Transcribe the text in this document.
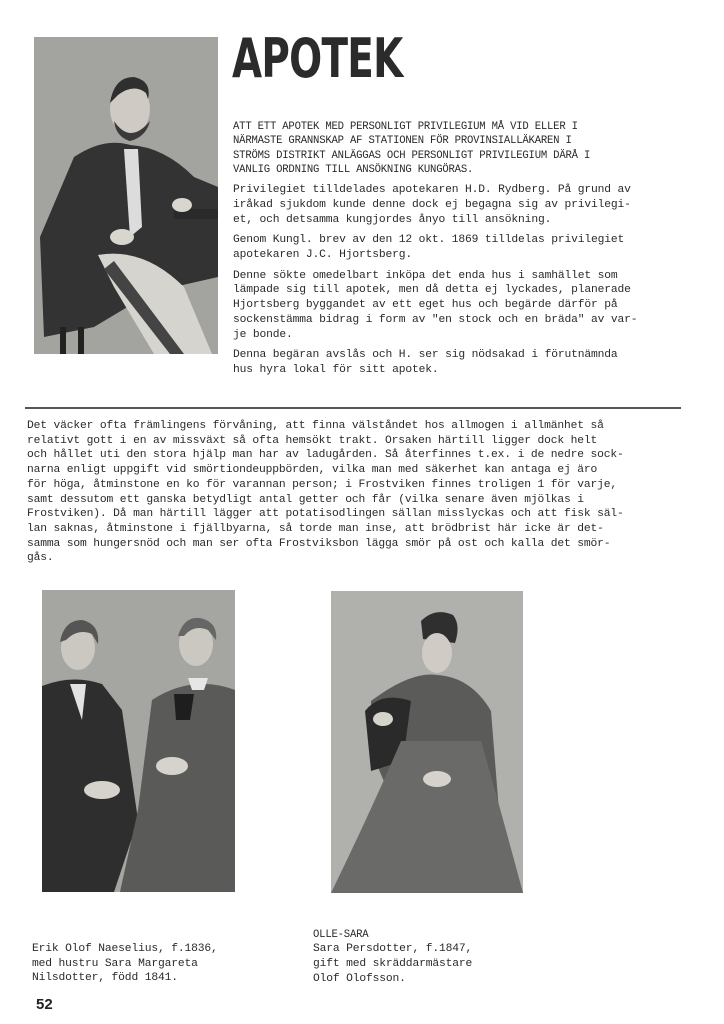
APOTEK
ATT ETT APOTEK MED PERSONLIGT PRIVILEGIUM MÅ VID ELLER I
NÄRMASTE GRANNSKAP AF STATIONEN FÖR PROVINSIALLÄKAREN I
STRÖMS DISTRIKT ANLÄGGAS OCH PERSONLIGT PRIVILEGIUM DÄRÅ I
VANLIG ORDNING TILL ANSÖKNING KUNGÖRAS.
Privilegiet tilldelades apotekaren H.D. Rydberg. På grund av
iråkad sjukdom kunde denne dock ej begagna sig av privilegi-
et, och detsamma kungjordes ånyo till ansökning.
Genom Kungl. brev av den 12 okt. 1869 tilldelas privilegiet
apotekaren J.C. Hjortsberg.
Denne sökte omedelbart inköpa det enda hus i samhället som
lämpade sig till apotek, men då detta ej lyckades, planerade
Hjortsberg byggandet av ett eget hus och begärde därför på
sockenstämma bidrag i form av "en stock och en bräda" av var-
je bonde.
Denna begäran avslås och H. ser sig nödsakad i förutnämnda
hus hyra lokal för sitt apotek.
Det väcker ofta främlingens förvåning, att finna välståndet hos allmogen i allmänhet så
relativt gott i en av missväxt så ofta hemsökt trakt. Orsaken härtill ligger dock helt
och hållet uti den stora hjälp man har av ladugården. Så återfinnes t.ex. i de nedre sock-
narna enligt uppgift vid smörtiondeuppbörden, vilka man med säkerhet kan antaga ej äro
för höga, åtminstone en ko för varannan person; i Frostviken finnes troligen 1 för varje,
samt dessutom ett ganska betydligt antal getter och får (vilka senare även mjölkas i
Frostviken). Då man härtill lägger att potatisodlingen sällan misslyckas och att fisk säl-
lan saknas, åtminstone i fjällbyarna, så torde man inse, att brödbrist här icke är det-
samma som hungersnöd och man ser ofta Frostviksbon lägga smör på ost och kalla det smör-
gås.
Erik Olof Naeselius, f.1836,
med hustru Sara Margareta
Nilsdotter, född 1841.
OLLE-SARA
Sara Persdotter, f.1847,
gift med skräddarmästare
Olof Olofsson.
52
